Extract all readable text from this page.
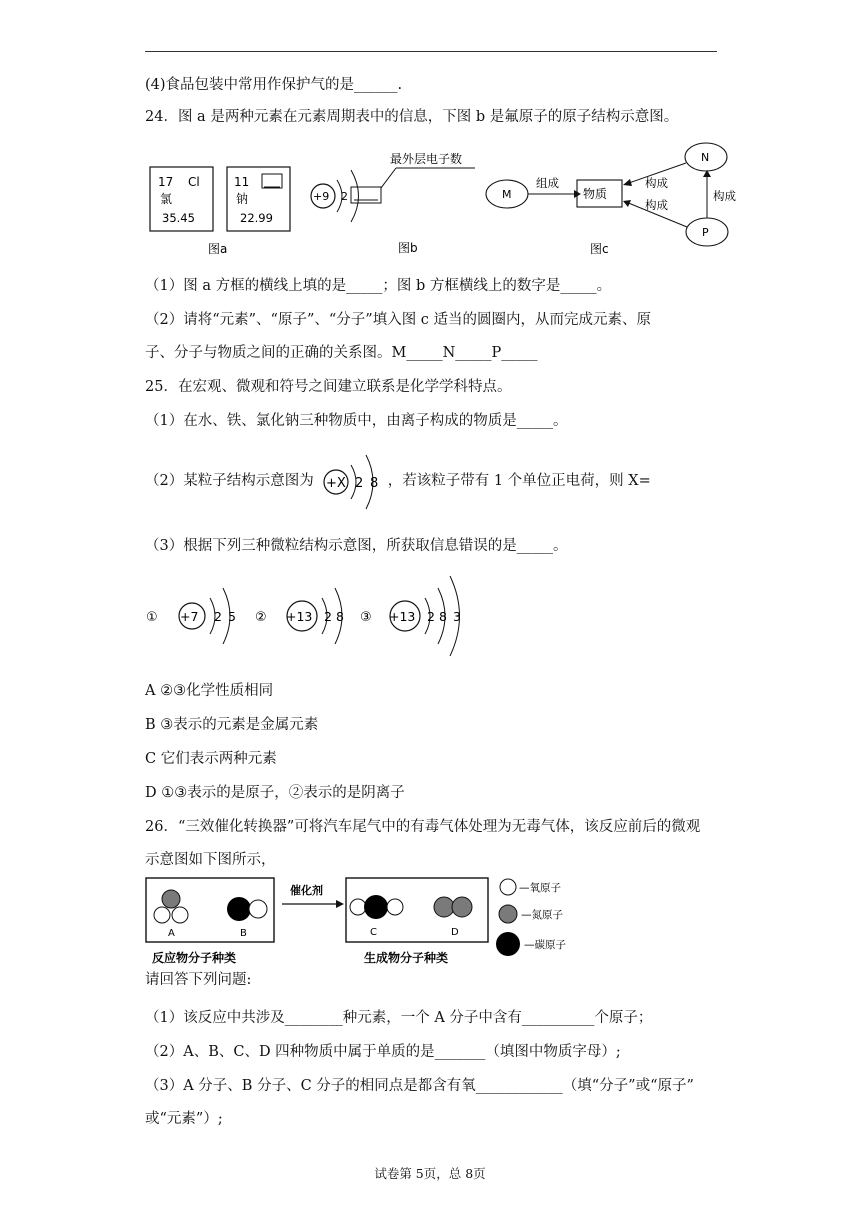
(4)食品包装中常用作保护气的是______.
24．图 a 是两种元素在元素周期表中的信息，下图 b 是氟原子的原子结构示意图。
17 Cl
氯
35.45
11
钠
22.99
图a
+9 2
最外层电子数
图b
M
组成
物质
N
P
构成
构成
构成
图c
（1）图 a 方框的横线上填的是_____；图 b 方框横线上的数字是_____。
（2）请将“元素”、“原子”、“分子”填入图 c 适当的圆圈内，从而完成元素、原
子、分子与物质之间的正确的关系图。M_____N_____P_____
25．在宏观、微观和符号之间建立联系是化学学科特点。
（1）在水、铁、氯化钠三种物质中，由离子构成的物质是_____。
（2）某粒子结构示意图为	，若该粒子带有 1 个单位正电荷，则 X=
+X 2 8
（3）根据下列三种微粒结构示意图，所获取信息错误的是_____。
① +7 2 5 ② +13 2 8 ③ +13 2 8 3
A ②③化学性质相同
B ③表示的元素是金属元素
C 它们表示两种元素
D ①③表示的是原子，②表示的是阴离子
26．“三效催化转换器”可将汽车尾气中的有毒气体处理为无毒气体，该反应前后的微观
示意图如下图所示，
A	B
反应物分子种类
催化剂
C	D
生成物分子种类
—氧原子
—氮原子
—碳原子
请回答下列问题:
（1）该反应中共涉及________种元素，一个 A 分子中含有__________个原子；
（2）A、B、C、D 四种物质中属于单质的是_______（填图中物质字母）;
（3）A 分子、B 分子、C 分子的相同点是都含有氧____________（填“分子”或“原子”
或“元素”）;
试卷第 5页，总 8页
